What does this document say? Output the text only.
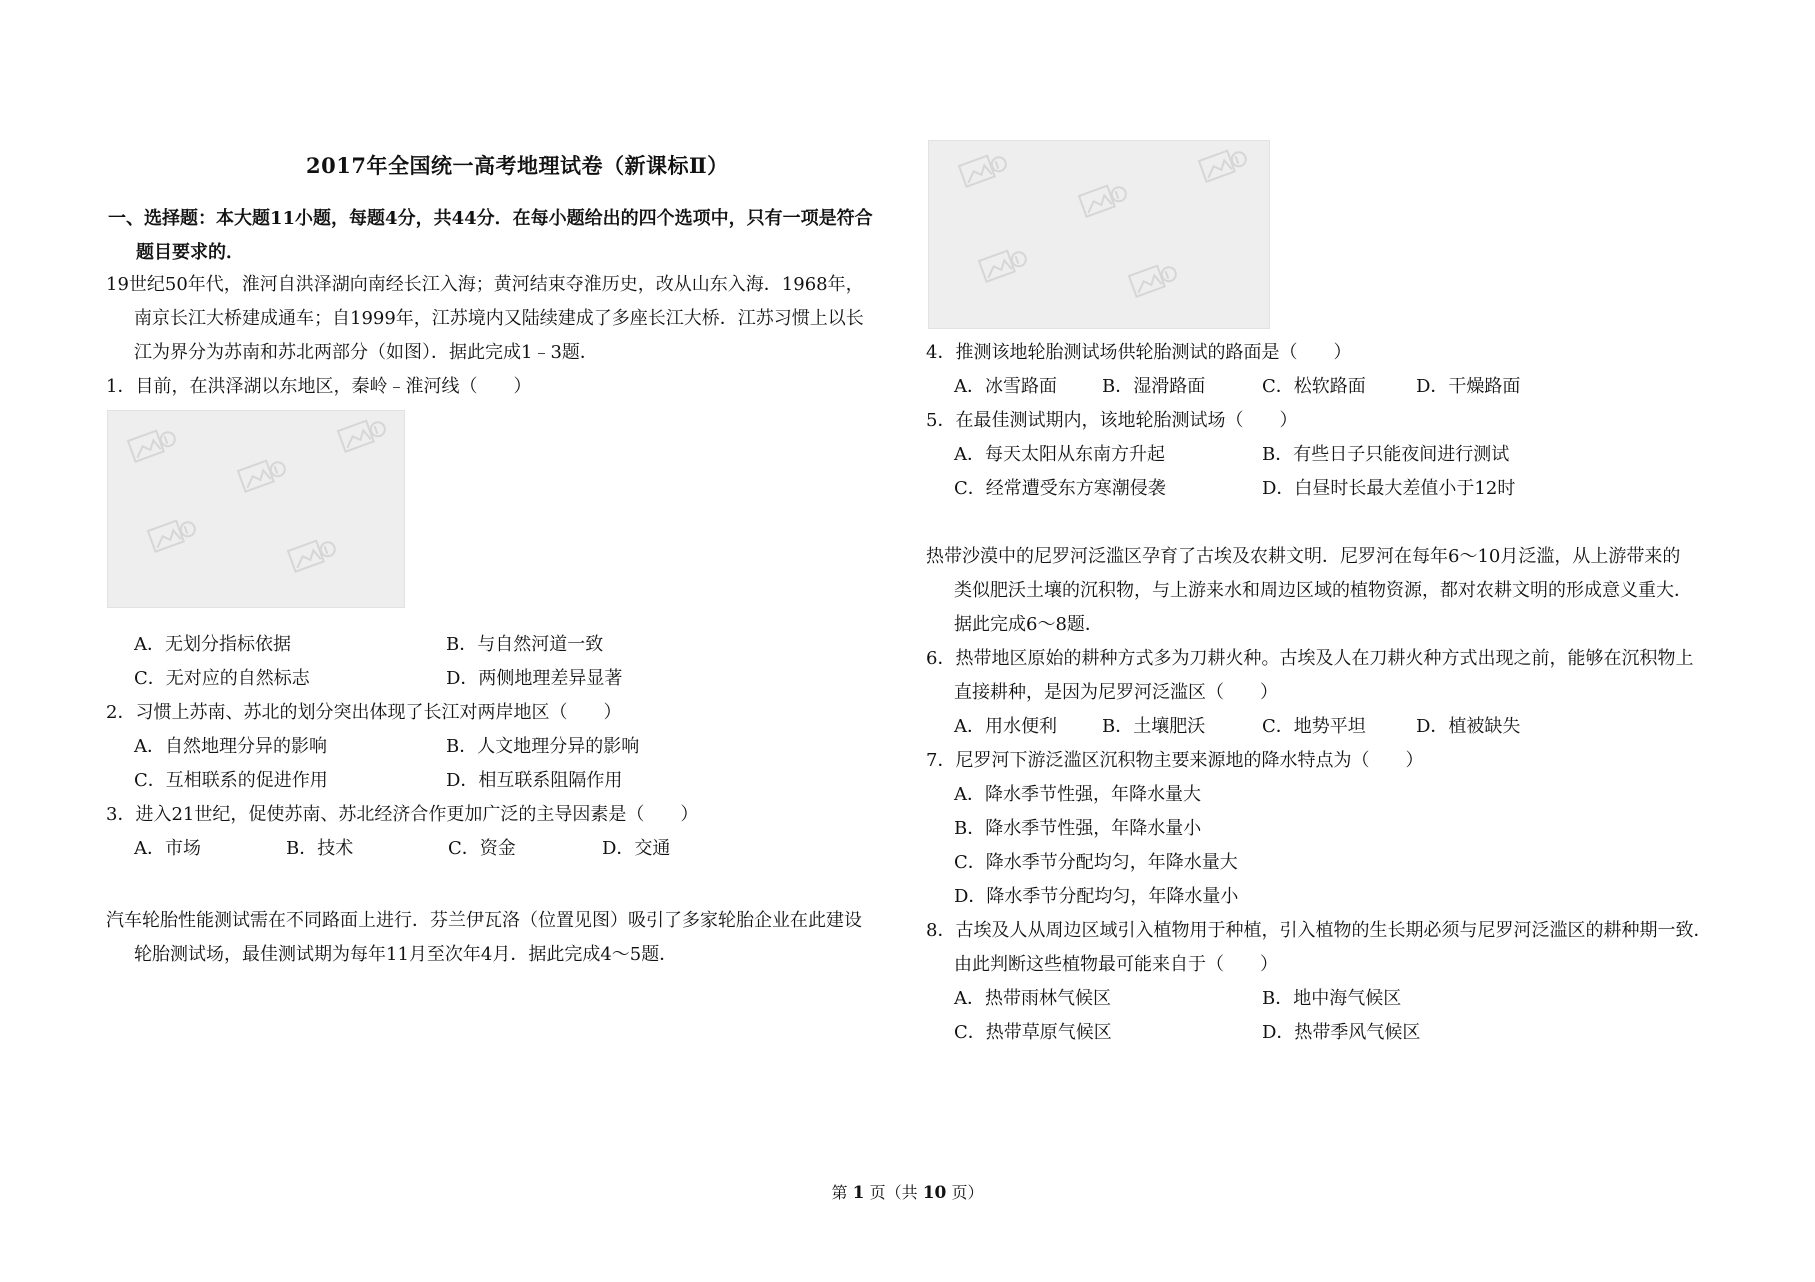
2017年全国统一高考地理试卷（新课标Ⅱ）
一、选择题：本大题11小题，每题4分，共44分．在每小题给出的四个选项中，只有一项是符合
题目要求的．
19世纪50年代，淮河自洪泽湖向南经长江入海；黄河结束夺淮历史，改从山东入海．1968年，
南京长江大桥建成通车；自1999年，江苏境内又陆续建成了多座长江大桥．江苏习惯上以长
江为界分为苏南和苏北两部分（如图）．据此完成1﹣3题．
1．目前，在洪泽湖以东地区，秦岭﹣淮河线（　　）
A．无划分指标依据	B．与自然河道一致
C．无对应的自然标志	D．两侧地理差异显著
2．习惯上苏南、苏北的划分突出体现了长江对两岸地区（　　）
A．自然地理分异的影响	B．人文地理分异的影响
C．互相联系的促进作用	D．相互联系阻隔作用
3．进入21世纪，促使苏南、苏北经济合作更加广泛的主导因素是（　　）
A．市场	B．技术	C．资金	D．交通
汽车轮胎性能测试需在不同路面上进行．芬兰伊瓦洛（位置见图）吸引了多家轮胎企业在此建设
轮胎测试场，最佳测试期为每年11月至次年4月．据此完成4～5题．
4．推测该地轮胎测试场供轮胎测试的路面是（　　）
A．冰雪路面	B．湿滑路面	C．松软路面	D．干燥路面
5．在最佳测试期内，该地轮胎测试场（　　）
A．每天太阳从东南方升起	B．有些日子只能夜间进行测试
C．经常遭受东方寒潮侵袭	D．白昼时长最大差值小于12时
热带沙漠中的尼罗河泛滥区孕育了古埃及农耕文明．尼罗河在每年6～10月泛滥，从上游带来的
类似肥沃土壤的沉积物，与上游来水和周边区域的植物资源，都对农耕文明的形成意义重大．
据此完成6～8题．
6．热带地区原始的耕种方式多为刀耕火种。古埃及人在刀耕火种方式出现之前，能够在沉积物上
直接耕种，是因为尼罗河泛滥区（　　）
A．用水便利	B．土壤肥沃	C．地势平坦	D．植被缺失
7．尼罗河下游泛滥区沉积物主要来源地的降水特点为（　　）
A．降水季节性强，年降水量大
B．降水季节性强，年降水量小
C．降水季节分配均匀，年降水量大
D．降水季节分配均匀，年降水量小
8．古埃及人从周边区域引入植物用于种植，引入植物的生长期必须与尼罗河泛滥区的耕种期一致．
由此判断这些植物最可能来自于（　　）
A．热带雨林气候区	B．地中海气候区
C．热带草原气候区	D．热带季风气候区
第 1 页（共 10 页）
